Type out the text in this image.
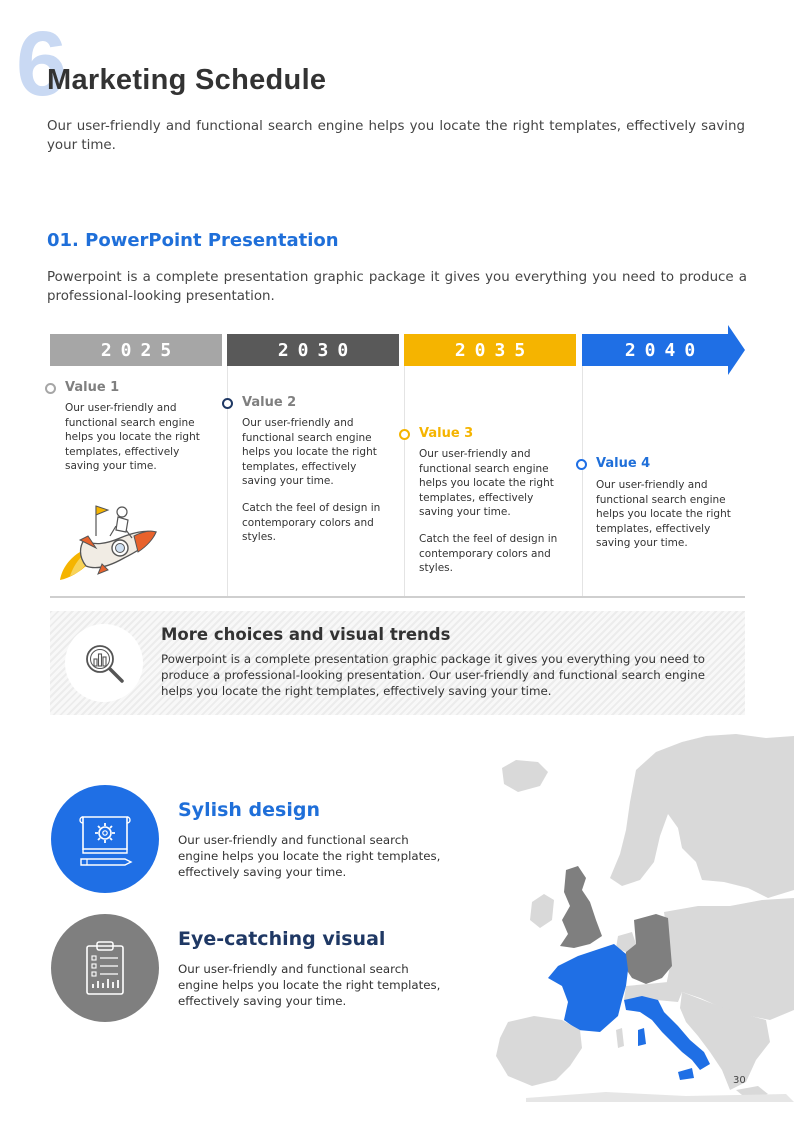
6
Marketing Schedule
Our user-friendly and functional search engine helps you locate the right templates, effectively saving your time.
01. PowerPoint Presentation
Powerpoint is a complete presentation graphic package it gives you everything you need to produce a professional-looking presentation.
2025	2030	2035	2040
Value 1
Our user-friendly and functional search engine helps you locate the right templates, effectively saving your time.
Value 2
Our user-friendly and functional search engine helps you locate the right templates, effectively saving your time.
Catch the feel of design in contemporary colors and styles.
Value 3
Our user-friendly and functional search engine helps you locate the right templates, effectively saving your time.
Catch the feel of design in contemporary colors and styles.
Value 4
Our user-friendly and functional search engine helps you locate the right templates, effectively saving your time.
More choices and visual trends
Powerpoint is a complete presentation graphic package it gives you everything you need to produce a professional-looking presentation. Our user-friendly and functional search engine helps you locate the right templates, effectively saving your time.
Sylish design
Our user-friendly and functional search engine helps you locate the right templates, effectively saving your time.
Eye-catching visual
Our user-friendly and functional search engine helps you locate the right templates, effectively saving your time.
30
